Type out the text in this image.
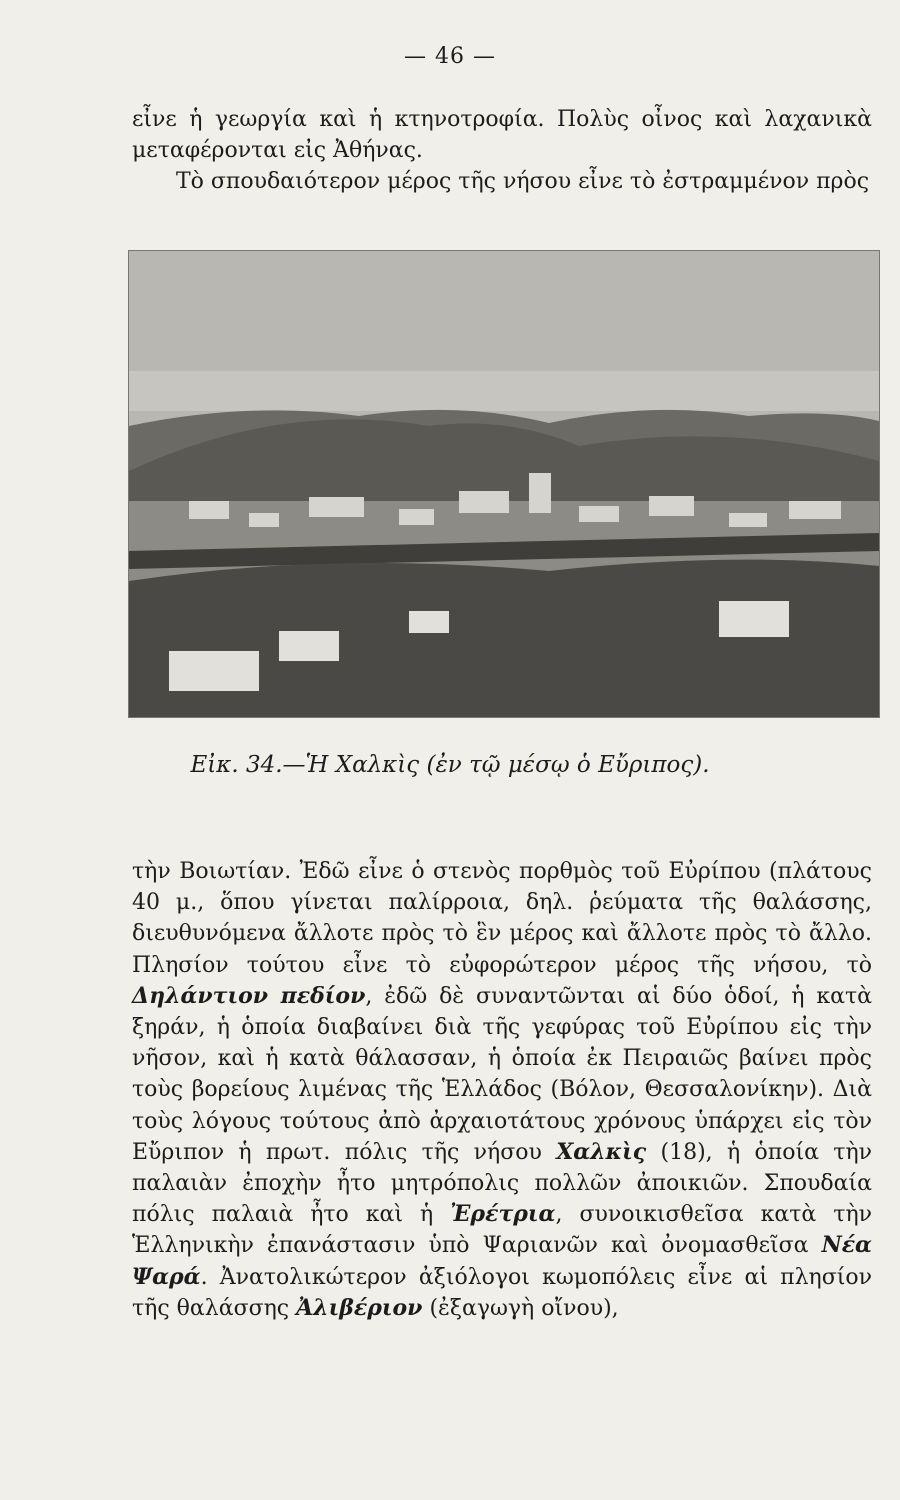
— 46 —

εἶνε ἡ γεωργία καὶ ἡ κτηνοτροφία. Πολὺς οἶνος καὶ λαχανικὰ μεταφέρονται εἰς Ἀθήνας.

Τὸ σπουδαιότερον μέρος τῆς νήσου εἶνε τὸ ἐστραμμένον πρὸς

Εἰκ. 34.—Ἡ Χαλκὶς (ἐν τῷ μέσῳ ὁ Εὔριπος).

τὴν Βοιωτίαν. Ἐδῶ εἶνε ὁ στενὸς πορθμὸς τοῦ Εὐρίπου (πλάτους 40 μ., ὅπου γίνεται παλίρροια, δηλ. ῥεύματα τῆς θαλάσσης, διευθυνόμενα ἄλλοτε πρὸς τὸ ἓν μέρος καὶ ἄλλοτε πρὸς τὸ ἄλλο. Πλησίον τούτου εἶνε τὸ εὐφορώτερον μέρος τῆς νήσου, τὸ Δηλάντιον πεδίον, ἐδῶ δὲ συναντῶνται αἱ δύο ὁδοί, ἡ κατὰ ξηράν, ἡ ὁποία διαβαίνει διὰ τῆς γεφύρας τοῦ Εὐρίπου εἰς τὴν νῆσον, καὶ ἡ κατὰ θάλασσαν, ἡ ὁποία ἐκ Πειραιῶς βαίνει πρὸς τοὺς βορείους λιμένας τῆς Ἑλλάδος (Βόλον, Θεσσαλονίκην). Διὰ τοὺς λόγους τούτους ἀπὸ ἀρχαιοτάτους χρόνους ὑπάρχει εἰς τὸν Εὔριπον ἡ πρωτ. πόλις τῆς νήσου Χαλκὶς (18), ἡ ὁποία τὴν παλαιὰν ἐποχὴν ἦτο μητρόπολις πολλῶν ἀποικιῶν. Σπουδαία πόλις παλαιὰ ἦτο καὶ ἡ Ἐρέτρια, συνοικισθεῖσα κατὰ τὴν Ἑλληνικὴν ἐπανάστασιν ὑπὸ Ψαριανῶν καὶ ὀνομασθεῖσα Νέα Ψαρά. Ἀνατολικώτερον ἀξιόλογοι κωμοπόλεις εἶνε αἱ πλησίον τῆς θαλάσσης Ἀλιβέριον (ἐξαγωγὴ οἴνου),
